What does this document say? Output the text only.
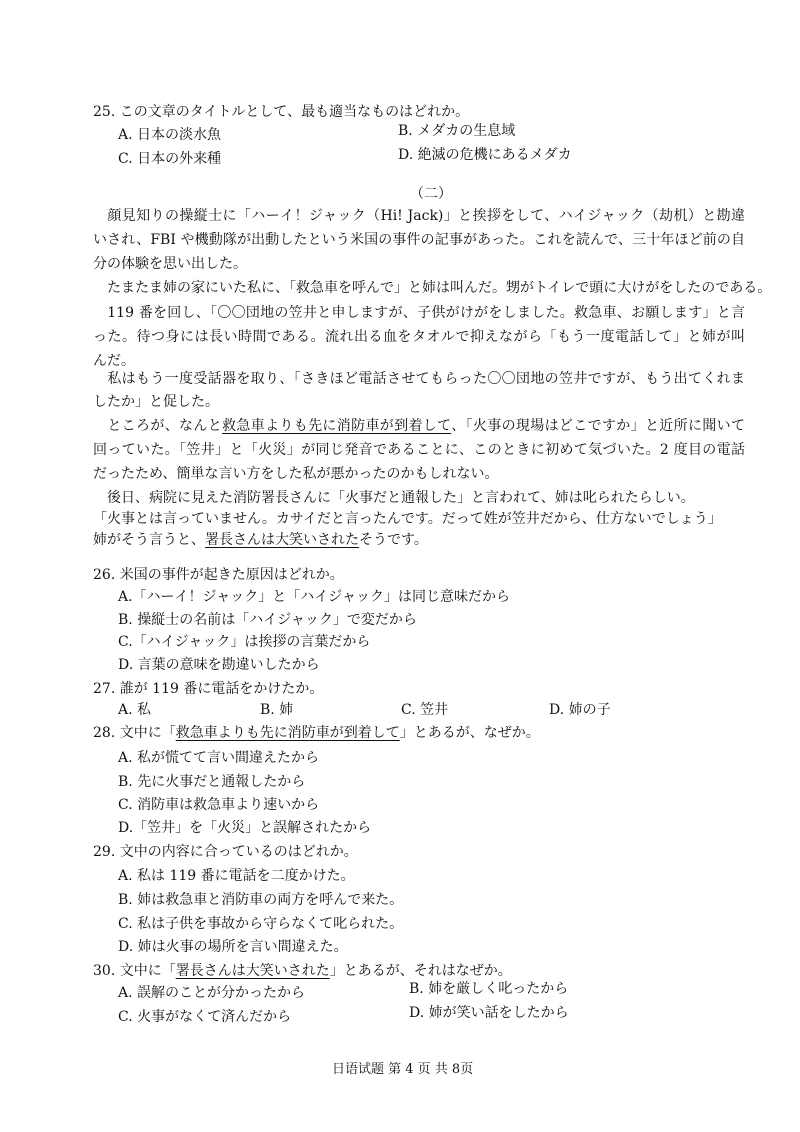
25. この文章のタイトルとして、最も適当なものはどれか。
A. 日本の淡水魚	B. メダカの生息域
C. 日本の外来種	D. 絶滅の危機にあるメダカ
（二）
　顔見知りの操縦士に「ハーイ！ジャック（Hi! Jack)」と挨拶をして、ハイジャック（劫机）と勘違
いされ、FBI や機動隊が出動したという米国の事件の記事があった。これを読んで、三十年ほど前の自
分の体験を思い出した。
　たまたま姉の家にいた私に、「救急車を呼んで」と姉は叫んだ。甥がトイレで頭に大けがをしたのである。
　119 番を回し、「〇〇団地の笠井と申しますが、子供がけがをしました。救急車、お願します」と言
った。待つ身には長い時間である。流れ出る血をタオルで抑えながら「もう一度電話して」と姉が叫
んだ。
　私はもう一度受話器を取り、「さきほど電話させてもらった〇〇団地の笠井ですが、もう出てくれま
したか」と促した。
　ところが、なんと救急車よりも先に消防車が到着して、「火事の現場はどこですか」と近所に聞いて
回っていた。「笠井」と「火災」が同じ発音であることに、このときに初めて気づいた。2 度目の電話
だったため、簡単な言い方をした私が悪かったのかもしれない。
　後日、病院に見えた消防署長さんに「火事だと通報した」と言われて、姉は叱られたらしい。
「火事とは言っていません。カサイだと言ったんです。だって姓が笠井だから、仕方ないでしょう」
姉がそう言うと、署長さんは大笑いされたそうです。
26. 米国の事件が起きた原因はどれか。
A.「ハーイ！ジャック」と「ハイジャック」は同じ意味だから
B. 操縦士の名前は「ハイジャック」で変だから
C.「ハイジャック」は挨拶の言葉だから
D. 言葉の意味を勘違いしたから
27. 誰が 119 番に電話をかけたか。
A. 私	B. 姉	C. 笠井	D. 姉の子
28. 文中に「救急車よりも先に消防車が到着して」とあるが、なぜか。
A. 私が慌てて言い間違えたから
B. 先に火事だと通報したから
C. 消防車は救急車より速いから
D.「笠井」を「火災」と誤解されたから
29. 文中の内容に合っているのはどれか。
A. 私は 119 番に電話を二度かけた。
B. 姉は救急車と消防車の両方を呼んで来た。
C. 私は子供を事故から守らなくて叱られた。
D. 姉は火事の場所を言い間違えた。
30. 文中に「署長さんは大笑いされた」とあるが、それはなぜか。
A. 誤解のことが分かったから	B. 姉を厳しく叱ったから
C. 火事がなくて済んだから	D. 姉が笑い話をしたから
日语试题 第 4 页 共 8页
